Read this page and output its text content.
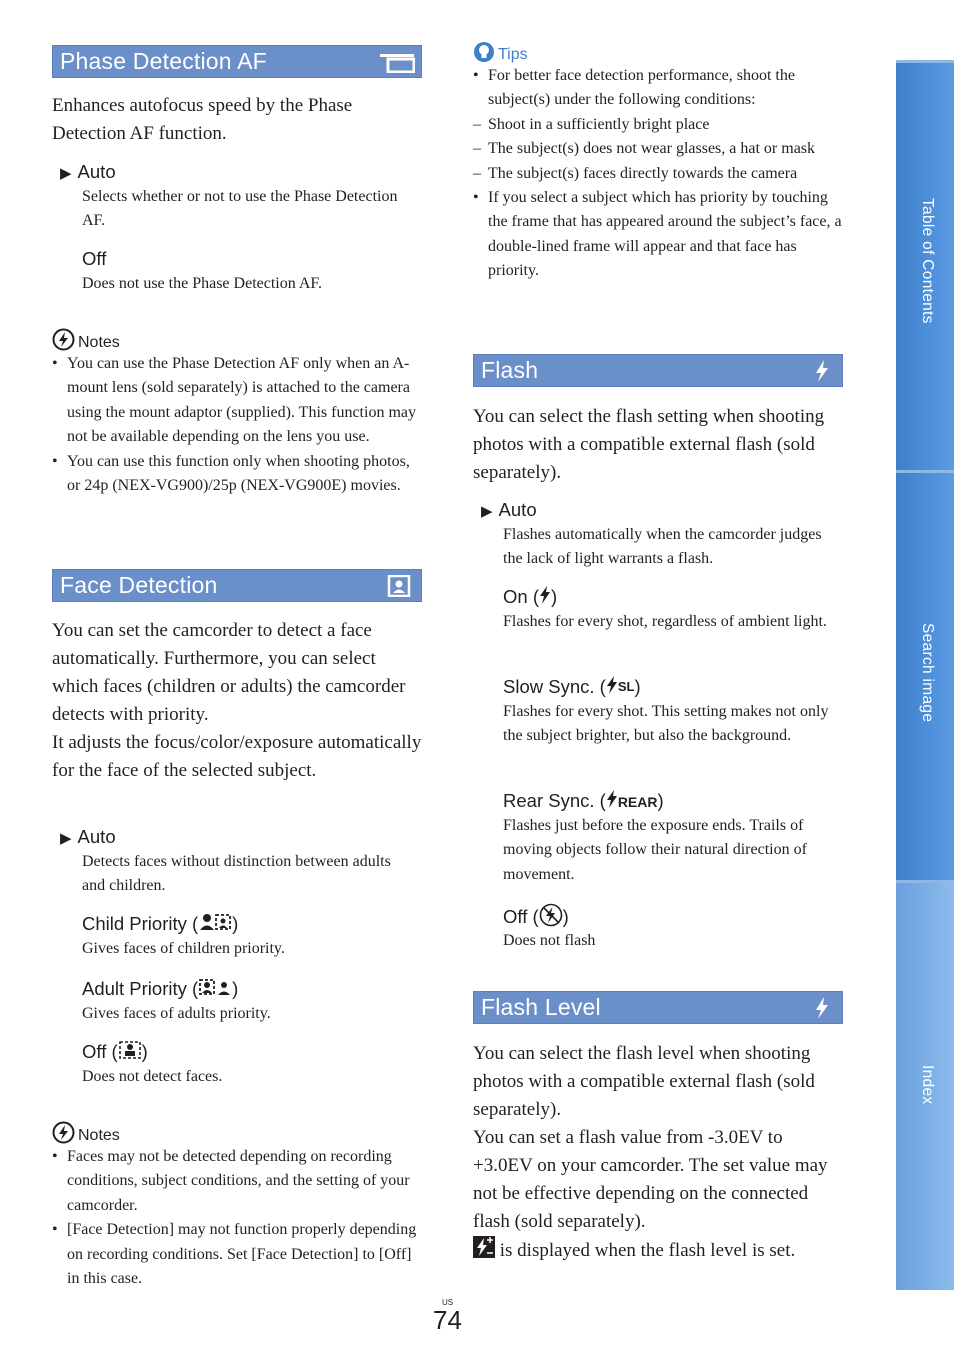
Phase Detection AF
Enhances autofocus speed by the Phase Detection AF function.
▶ Auto
Selects whether or not to use the Phase Detection AF.
Off
Does not use the Phase Detection AF.
Notes
• You can use the Phase Detection AF only when an A-mount lens (sold separately) is attached to the camera using the mount adaptor (supplied). This function may not be available depending on the lens you use.
• You can use this function only when shooting photos, or 24p (NEX-VG900)/25p (NEX-VG900E) movies.
Face Detection
You can set the camcorder to detect a face automatically. Furthermore, you can select which faces (children or adults) the camcorder detects with priority.
It adjusts the focus/color/exposure automatically for the face of the selected subject.
▶ Auto
Detects faces without distinction between adults and children.
Child Priority ( )
Gives faces of children priority.
Adult Priority ( )
Gives faces of adults priority.
Off ( )
Does not detect faces.
Notes
• Faces may not be detected depending on recording conditions, subject conditions, and the setting of your camcorder.
• [Face Detection] may not function properly depending on recording conditions. Set [Face Detection] to [Off] in this case.
Tips
• For better face detection performance, shoot the subject(s) under the following conditions:
– Shoot in a sufficiently bright place
– The subject(s) does not wear glasses, a hat or mask
– The subject(s) faces directly towards the camera
• If you select a subject which has priority by touching the frame that has appeared around the subject’s face, a double-lined frame will appear and that face has priority.
Flash
You can select the flash setting when shooting photos with a compatible external flash (sold separately).
▶ Auto
Flashes automatically when the camcorder judges the lack of light warrants a flash.
On ( )
Flashes for every shot, regardless of ambient light.
Slow Sync. ( $^{SL}$)
Flashes for every shot. This setting makes not only the subject brighter, but also the background.
Rear Sync. ( REAR)
Flashes just before the exposure ends. Trails of moving objects follow their natural direction of movement.
Off ( )
Does not flash
Flash Level
You can select the flash level when shooting photos with a compatible external flash (sold separately).
You can set a flash value from -3.0EV to +3.0EV on your camcorder. The set value may not be effective depending on the connected flash (sold separately).
is displayed when the flash level is set.
Table of Contents
Search image
Index
US
74
